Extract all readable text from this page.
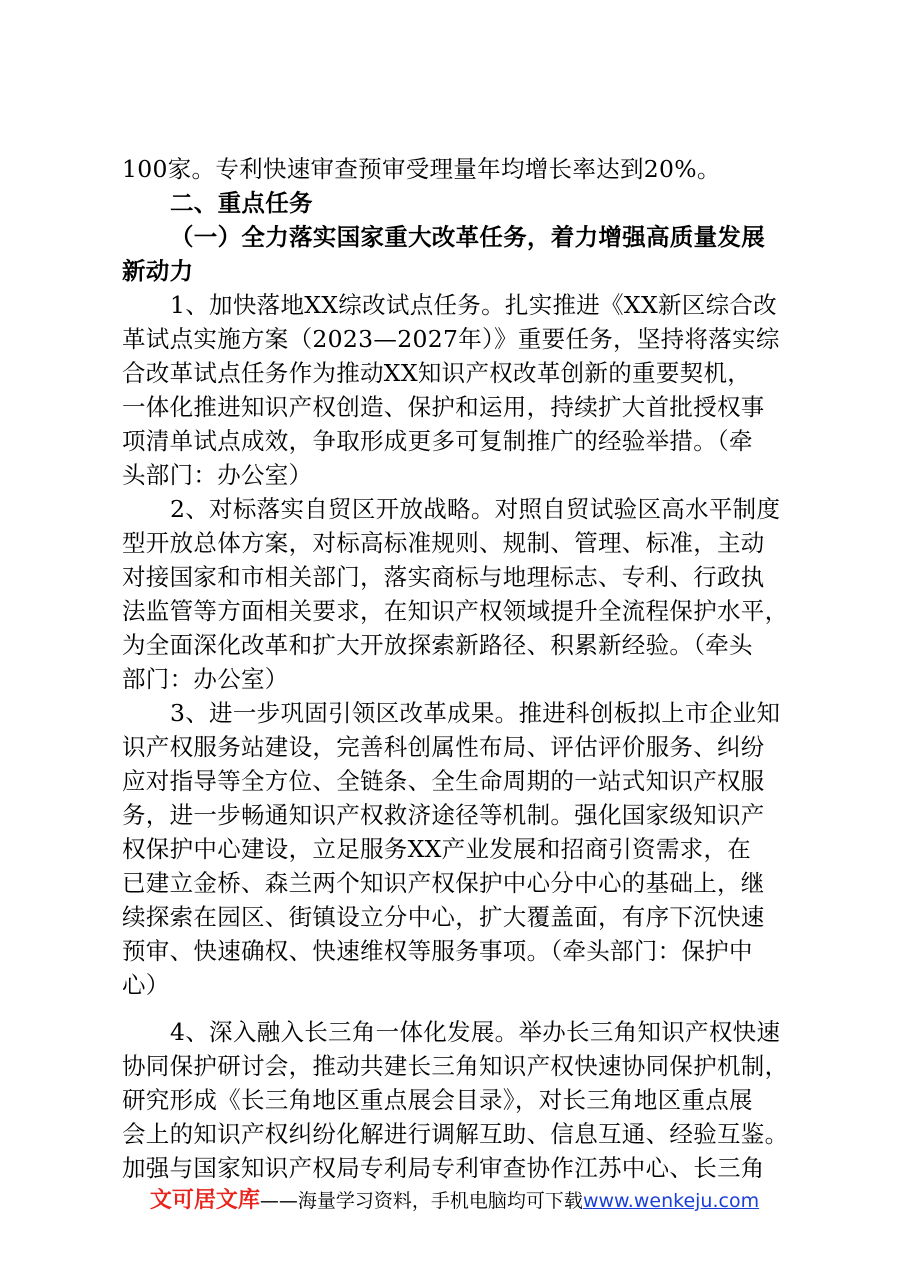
100家。专利快速审查预审受理量年均增长率达到20%。
二、重点任务
（一）全力落实国家重大改革任务，着力增强高质量发展
新动力
1、加快落地XX综改试点任务。扎实推进《XX新区综合改
革试点实施方案（2023—2027年）》重要任务，坚持将落实综
合改革试点任务作为推动XX知识产权改革创新的重要契机，
一体化推进知识产权创造、保护和运用，持续扩大首批授权事
项清单试点成效，争取形成更多可复制推广的经验举措。（牵
头部门：办公室）
2、对标落实自贸区开放战略。对照自贸试验区高水平制度
型开放总体方案，对标高标准规则、规制、管理、标准，主动
对接国家和市相关部门，落实商标与地理标志、专利、行政执
法监管等方面相关要求，在知识产权领域提升全流程保护水平，
为全面深化改革和扩大开放探索新路径、积累新经验。（牵头
部门：办公室）
3、进一步巩固引领区改革成果。推进科创板拟上市企业知
识产权服务站建设，完善科创属性布局、评估评价服务、纠纷
应对指导等全方位、全链条、全生命周期的一站式知识产权服
务，进一步畅通知识产权救济途径等机制。强化国家级知识产
权保护中心建设，立足服务XX产业发展和招商引资需求，在
已建立金桥、森兰两个知识产权保护中心分中心的基础上，继
续探索在园区、街镇设立分中心，扩大覆盖面，有序下沉快速
预审、快速确权、快速维权等服务事项。（牵头部门：保护中
心）
4、深入融入长三角一体化发展。举办长三角知识产权快速
协同保护研讨会，推动共建长三角知识产权快速协同保护机制，
研究形成《长三角地区重点展会目录》，对长三角地区重点展
会上的知识产权纠纷化解进行调解互助、信息互通、经验互鉴。
加强与国家知识产权局专利局专利审查协作江苏中心、长三角
文可居文库——海量学习资料，手机电脑均可下载www.wenkeju.com
